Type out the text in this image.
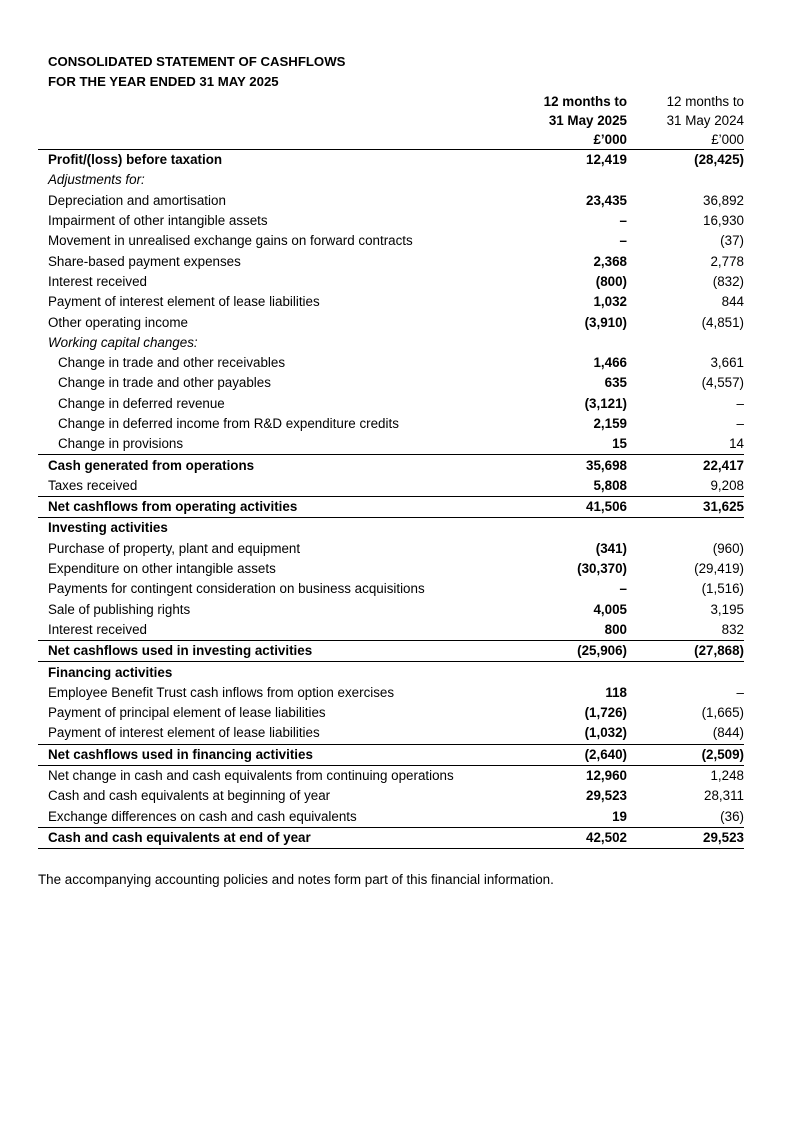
CONSOLIDATED STATEMENT OF CASHFLOWS
FOR THE YEAR ENDED 31 MAY 2025
	12 months to	12 months to
	31 May 2025	31 May 2024
	£’000	£’000
Profit/(loss) before taxation	12,419	(28,425)
Adjustments for:		
Depreciation and amortisation	23,435	36,892
Impairment of other intangible assets	–	16,930
Movement in unrealised exchange gains on forward contracts	–	(37)
Share-based payment expenses	2,368	2,778
Interest received	(800)	(832)
Payment of interest element of lease liabilities	1,032	844
Other operating income	(3,910)	(4,851)
Working capital changes:		
Change in trade and other receivables	1,466	3,661
Change in trade and other payables	635	(4,557)
Change in deferred revenue	(3,121)	–
Change in deferred income from R&D expenditure credits	2,159	–
Change in provisions	15	14
Cash generated from operations	35,698	22,417
Taxes received	5,808	9,208
Net cashflows from operating activities	41,506	31,625
Investing activities		
Purchase of property, plant and equipment	(341)	(960)
Expenditure on other intangible assets	(30,370)	(29,419)
Payments for contingent consideration on business acquisitions	–	(1,516)
Sale of publishing rights	4,005	3,195
Interest received	800	832
Net cashflows used in investing activities	(25,906)	(27,868)
Financing activities		
Employee Benefit Trust cash inflows from option exercises	118	–
Payment of principal element of lease liabilities	(1,726)	(1,665)
Payment of interest element of lease liabilities	(1,032)	(844)
Net cashflows used in financing activities	(2,640)	(2,509)
Net change in cash and cash equivalents from continuing operations	12,960	1,248
Cash and cash equivalents at beginning of year	29,523	28,311
Exchange differences on cash and cash equivalents	19	(36)
Cash and cash equivalents at end of year	42,502	29,523
The accompanying accounting policies and notes form part of this financial information.
